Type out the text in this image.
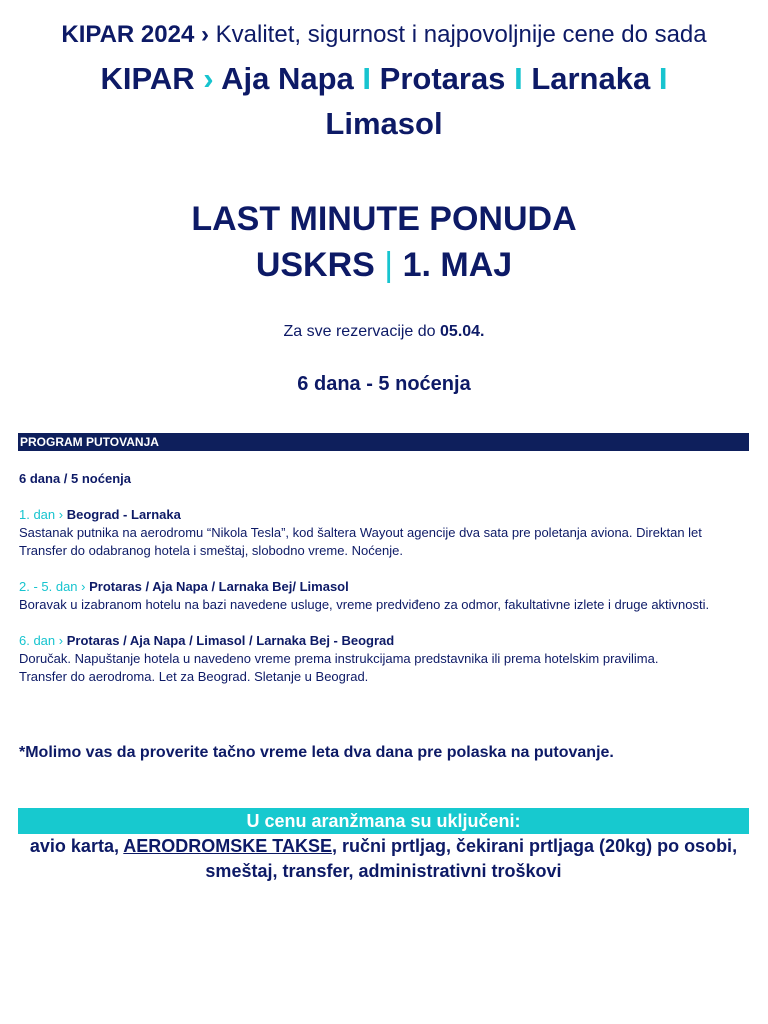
KIPAR 2024 › Kvalitet, sigurnost i najpovoljnije cene do sada
KIPAR › Aja Napa I Protaras I Larnaka I
Limasol
LAST MINUTE PONUDA
USKRS | 1. MAJ
Za sve rezervacije do 05.04.
6 dana - 5 noćenja
PROGRAM PUTOVANJA

6 dana / 5 noćenja

1. dan › Beograd - Larnaka

Sastanak putnika na aerodromu “Nikola Tesla”, kod šaltera Wayout agencije dva sata pre poletanja aviona. Direktan let

Transfer do odabranog hotela i smeštaj, slobodno vreme. Noćenje.

2. - 5. dan › Protaras / Aja Napa / Larnaka Bej/ Limasol

Boravak u izabranom hotelu na bazi navedene usluge, vreme predviđeno za odmor, fakultativne izlete i druge aktivnosti.

6. dan › Protaras / Aja Napa / Limasol / Larnaka Bej - Beograd

Doručak. Napuštanje hotela u navedeno vreme prema instrukcijama predstavnika ili prema hotelskim pravilima.

Transfer do aerodroma. Let za Beograd. Sletanje u Beograd.

*Molimo vas da proverite tačno vreme leta dva dana pre polaska na putovanje.
U cenu aranžmana su uključeni:
avio karta, AERODROMSKE TAKSE, ručni prtljag, čekirani prtljaga (20kg) po osobi, smeštaj, transfer, administrativni troškovi
